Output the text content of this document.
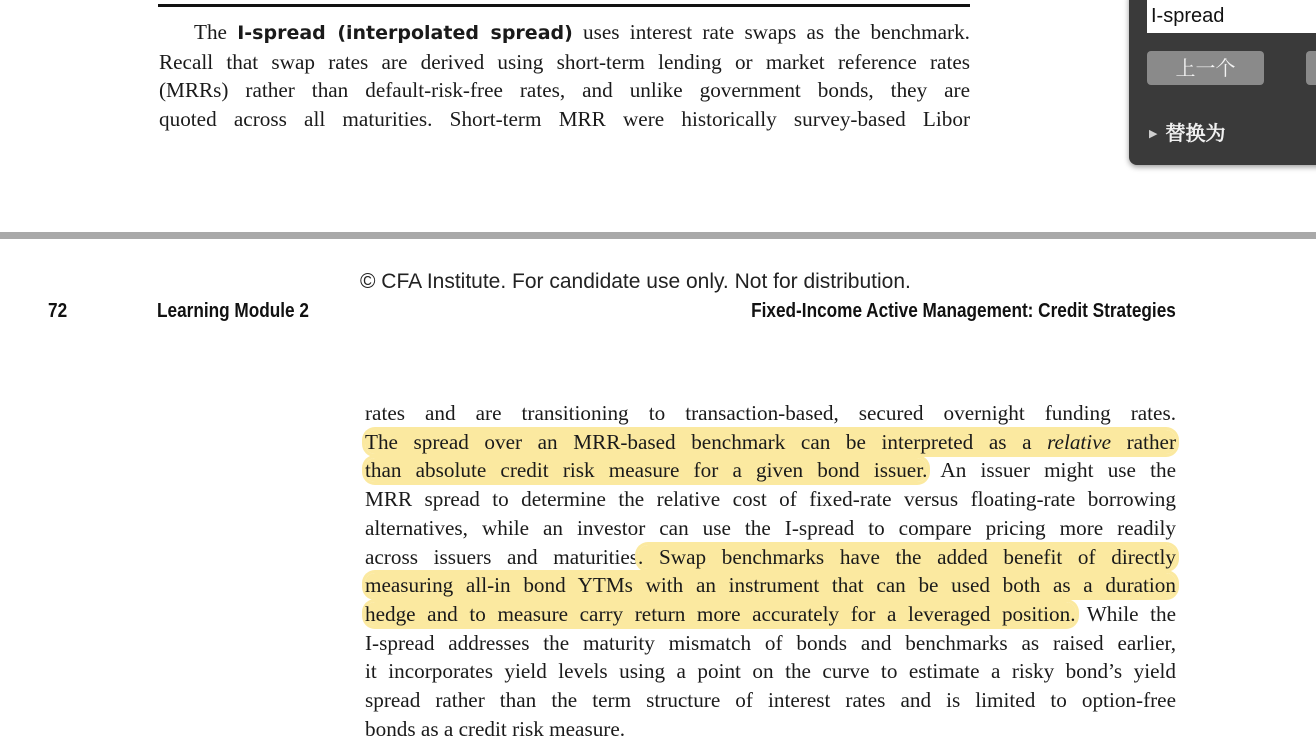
The I-spread (interpolated spread) uses interest rate swaps as the benchmark.
Recall that swap rates are derived using short-term lending or market reference rates
(MRRs) rather than default-risk-free rates, and unlike government bonds, they are
quoted across all maturities. Short-term MRR were historically survey-based Libor
© CFA Institute. For candidate use only. Not for distribution.
72	Learning Module 2	Fixed-Income Active Management: Credit Strategies
rates and are transitioning to transaction-based, secured overnight funding rates.
The spread over an MRR-based benchmark can be interpreted as a relative rather
than absolute credit risk measure for a given bond issuer. An issuer might use the
MRR spread to determine the relative cost of fixed-rate versus floating-rate borrowing
alternatives, while an investor can use the I-spread to compare pricing more readily
across issuers and maturities. Swap benchmarks have the added benefit of directly
measuring all-in bond YTMs with an instrument that can be used both as a duration
hedge and to measure carry return more accurately for a leveraged position. While the
I-spread addresses the maturity mismatch of bonds and benchmarks as raised earlier,
it incorporates yield levels using a point on the curve to estimate a risky bond’s yield
spread rather than the term structure of interest rates and is limited to option-free
bonds as a credit risk measure.
I-spread
上一个
▶ 替换为
